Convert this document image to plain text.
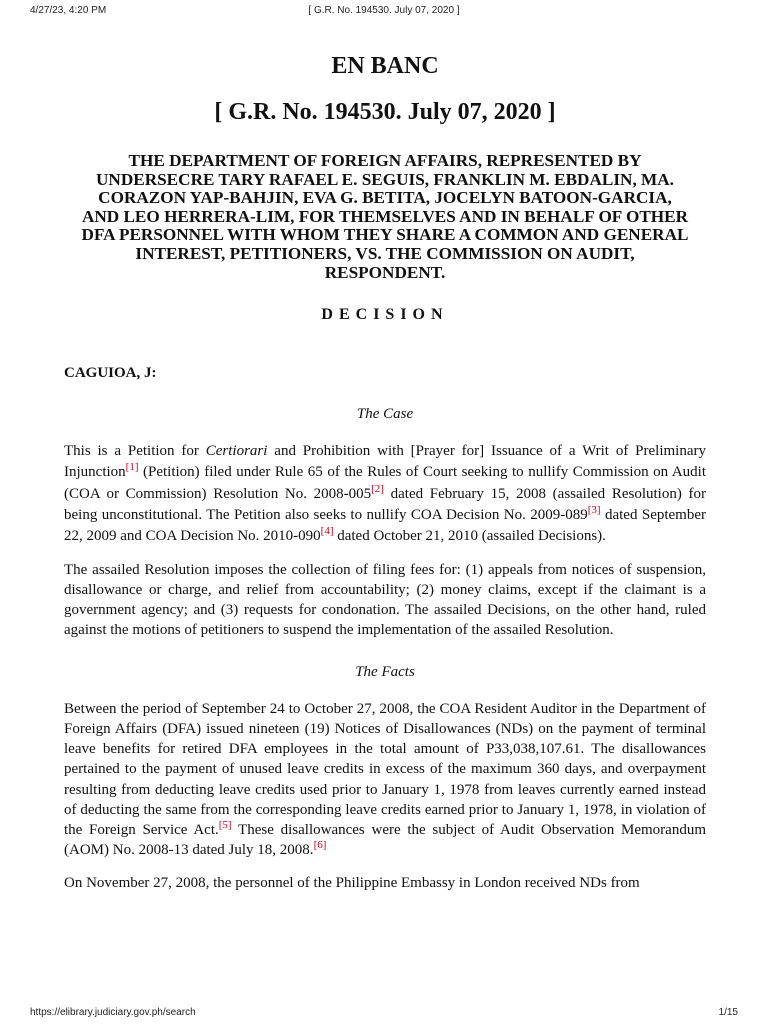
4/27/23, 4:20 PM	[ G.R. No. 194530. July 07, 2020 ]
EN BANC
[ G.R. No. 194530. July 07, 2020 ]
THE DEPARTMENT OF FOREIGN AFFAIRS, REPRESENTED BY UNDERSECRE TARY RAFAEL E. SEGUIS, FRANKLIN M. EBDALIN, MA. CORAZON YAP-BAHJIN, EVA G. BETITA, JOCELYN BATOON-GARCIA, AND LEO HERRERA-LIM, FOR THEMSELVES AND IN BEHALF OF OTHER DFA PERSONNEL WITH WHOM THEY SHARE A COMMON AND GENERAL INTEREST, PETITIONERS, VS. THE COMMISSION ON AUDIT, RESPONDENT.
DECISION
CAGUIOA, J:
The Case

This is a Petition for Certiorari and Prohibition with [Prayer for] Issuance of a Writ of Preliminary Injunction[1] (Petition) filed under Rule 65 of the Rules of Court seeking to nullify Commission on Audit (COA or Commission) Resolution No. 2008-005[2] dated February 15, 2008 (assailed Resolution) for being unconstitutional. The Petition also seeks to nullify COA Decision No. 2009-089[3] dated September 22, 2009 and COA Decision No. 2010-090[4] dated October 21, 2010 (assailed Decisions).

The assailed Resolution imposes the collection of filing fees for: (1) appeals from notices of suspension, disallowance or charge, and relief from accountability; (2) money claims, except if the claimant is a government agency; and (3) requests for condonation. The assailed Decisions, on the other hand, ruled against the motions of petitioners to suspend the implementation of the assailed Resolution.

The Facts

Between the period of September 24 to October 27, 2008, the COA Resident Auditor in the Department of Foreign Affairs (DFA) issued nineteen (19) Notices of Disallowances (NDs) on the payment of terminal leave benefits for retired DFA employees in the total amount of P33,038,107.61. The disallowances pertained to the payment of unused leave credits in excess of the maximum 360 days, and overpayment resulting from deducting leave credits used prior to January 1, 1978 from leaves currently earned instead of deducting the same from the corresponding leave credits earned prior to January 1, 1978, in violation of the Foreign Service Act.[5] These disallowances were the subject of Audit Observation Memorandum (AOM) No. 2008-13 dated July 18, 2008.[6]

On November 27, 2008, the personnel of the Philippine Embassy in London received NDs from

https://elibrary.judiciary.gov.ph/search	1/15
